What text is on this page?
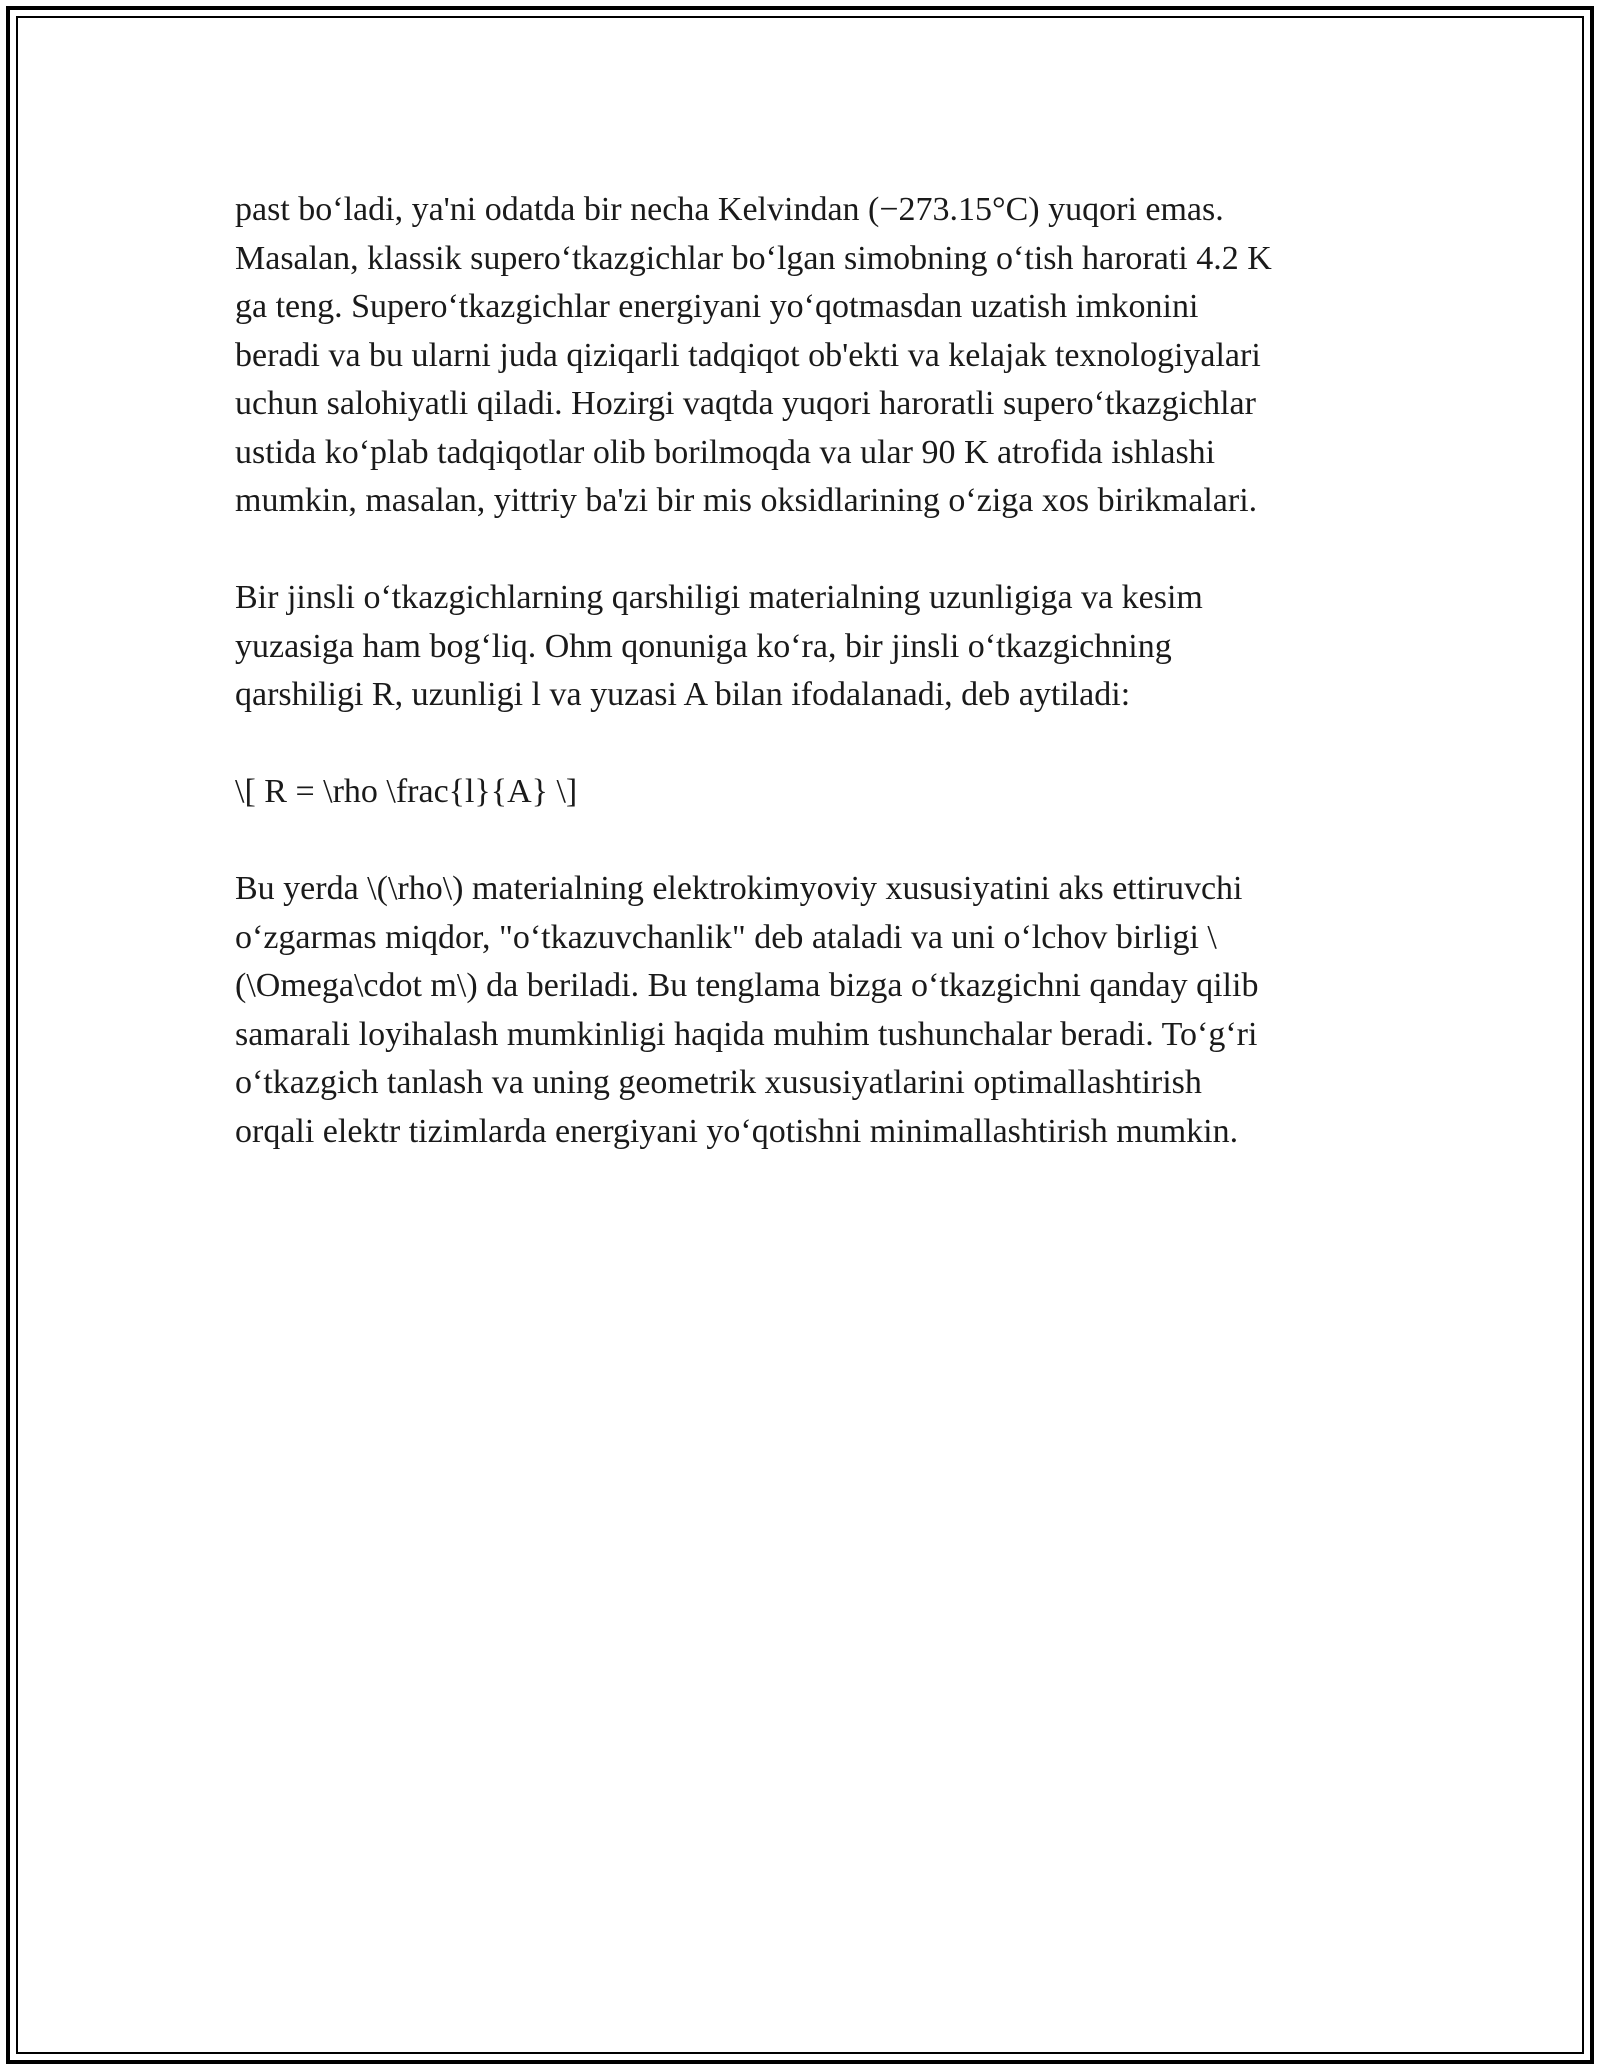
past bo‘ladi, ya'ni odatda bir necha Kelvindan (−273.15°C) yuqori emas.
Masalan, klassik supero‘tkazgichlar bo‘lgan simobning o‘tish harorati 4.2 K
ga teng. Supero‘tkazgichlar energiyani yo‘qotmasdan uzatish imkonini
beradi va bu ularni juda qiziqarli tadqiqot ob'ekti va kelajak texnologiyalari
uchun salohiyatli qiladi. Hozirgi vaqtda yuqori haroratli supero‘tkazgichlar
ustida ko‘plab tadqiqotlar olib borilmoqda va ular 90 K atrofida ishlashi
mumkin, masalan, yittriy ba'zi bir mis oksidlarining o‘ziga xos birikmalari.

Bir jinsli o‘tkazgichlarning qarshiligi materialning uzunligiga va kesim
yuzasiga ham bog‘liq. Ohm qonuniga ko‘ra, bir jinsli o‘tkazgichning
qarshiligi R, uzunligi l va yuzasi A bilan ifodalanadi, deb aytiladi:

\[ R = \rho \frac{l}{A} \]

Bu yerda \(\rho\) materialning elektrokimyoviy xususiyatini aks ettiruvchi
o‘zgarmas miqdor, "o‘tkazuvchanlik" deb ataladi va uni o‘lchov birligi \
(\Omega\cdot m\) da beriladi. Bu tenglama bizga o‘tkazgichni qanday qilib
samarali loyihalash mumkinligi haqida muhim tushunchalar beradi. To‘g‘ri
o‘tkazgich tanlash va uning geometrik xususiyatlarini optimallashtirish
orqali elektr tizimlarda energiyani yo‘qotishni minimallashtirish mumkin.
